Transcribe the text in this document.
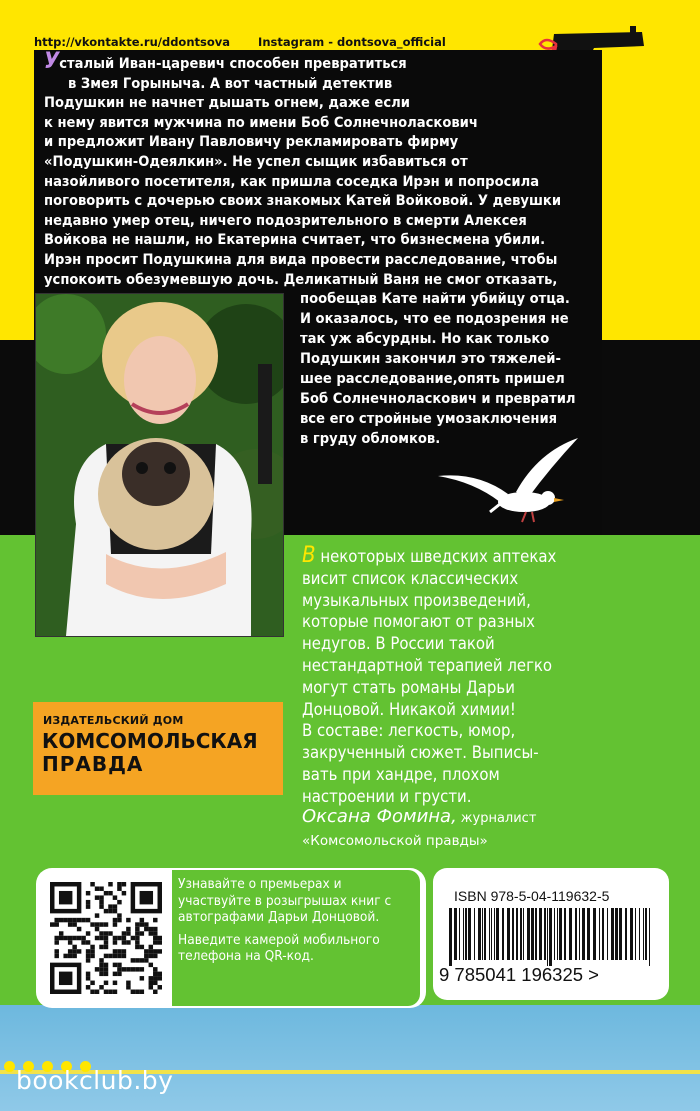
http://vkontakte.ru/ddontsova Instagram - dontsova_official
Усталый Иван-царевич способен превратиться
в Змея Горыныча. А вот частный детектив
Подушкин не начнет дышать огнем, даже если
к нему явится мужчина по имени Боб Солнечноласкович
и предложит Ивану Павловичу рекламировать фирму
«Подушкин-Одеялкин». Не успел сыщик избавиться от
назойливого посетителя, как пришла соседка Ирэн и попросила
поговорить с дочерью своих знакомых Катей Войковой. У девушки
недавно умер отец, ничего подозрительного в смерти Алексея
Войкова не нашли, но Екатерина считает, что бизнесмена убили.
Ирэн просит Подушкина для вида провести расследование, чтобы
успокоить обезумевшую дочь. Деликатный Ваня не смог отказать,
пообещав Кате найти убийцу отца.
И оказалось, что ее подозрения не
так уж абсурдны. Но как только
Подушкин закончил это тяжелей-
шее расследование,опять пришел
Боб Солнечноласкович и превратил
все его стройные умозаключения
в груду обломков.
В некоторых шведских аптеках
висит список классических
музыкальных произведений,
которые помогают от разных
недугов. В России такой
нестандартной терапией легко
могут стать романы Дарьи
Донцовой. Никакой химии!
В составе: легкость, юмор,
закрученный сюжет. Выписы-
вать при хандре, плохом
настроении и грусти.
Оксана Фомина, журналист
«Комсомольской правды»
ИЗДАТЕЛЬСКИЙ ДОМ
КОМСОМОЛЬСКАЯ
ПРАВДА
Узнавайте о премьерах и участвуйте в розыгрышах книг с автографами Дарьи Донцовой.
Наведите камерой мобильного телефона на QR-код.
ISBN 978-5-04-119632-5
9 785041 196325 >
bookclub.by
